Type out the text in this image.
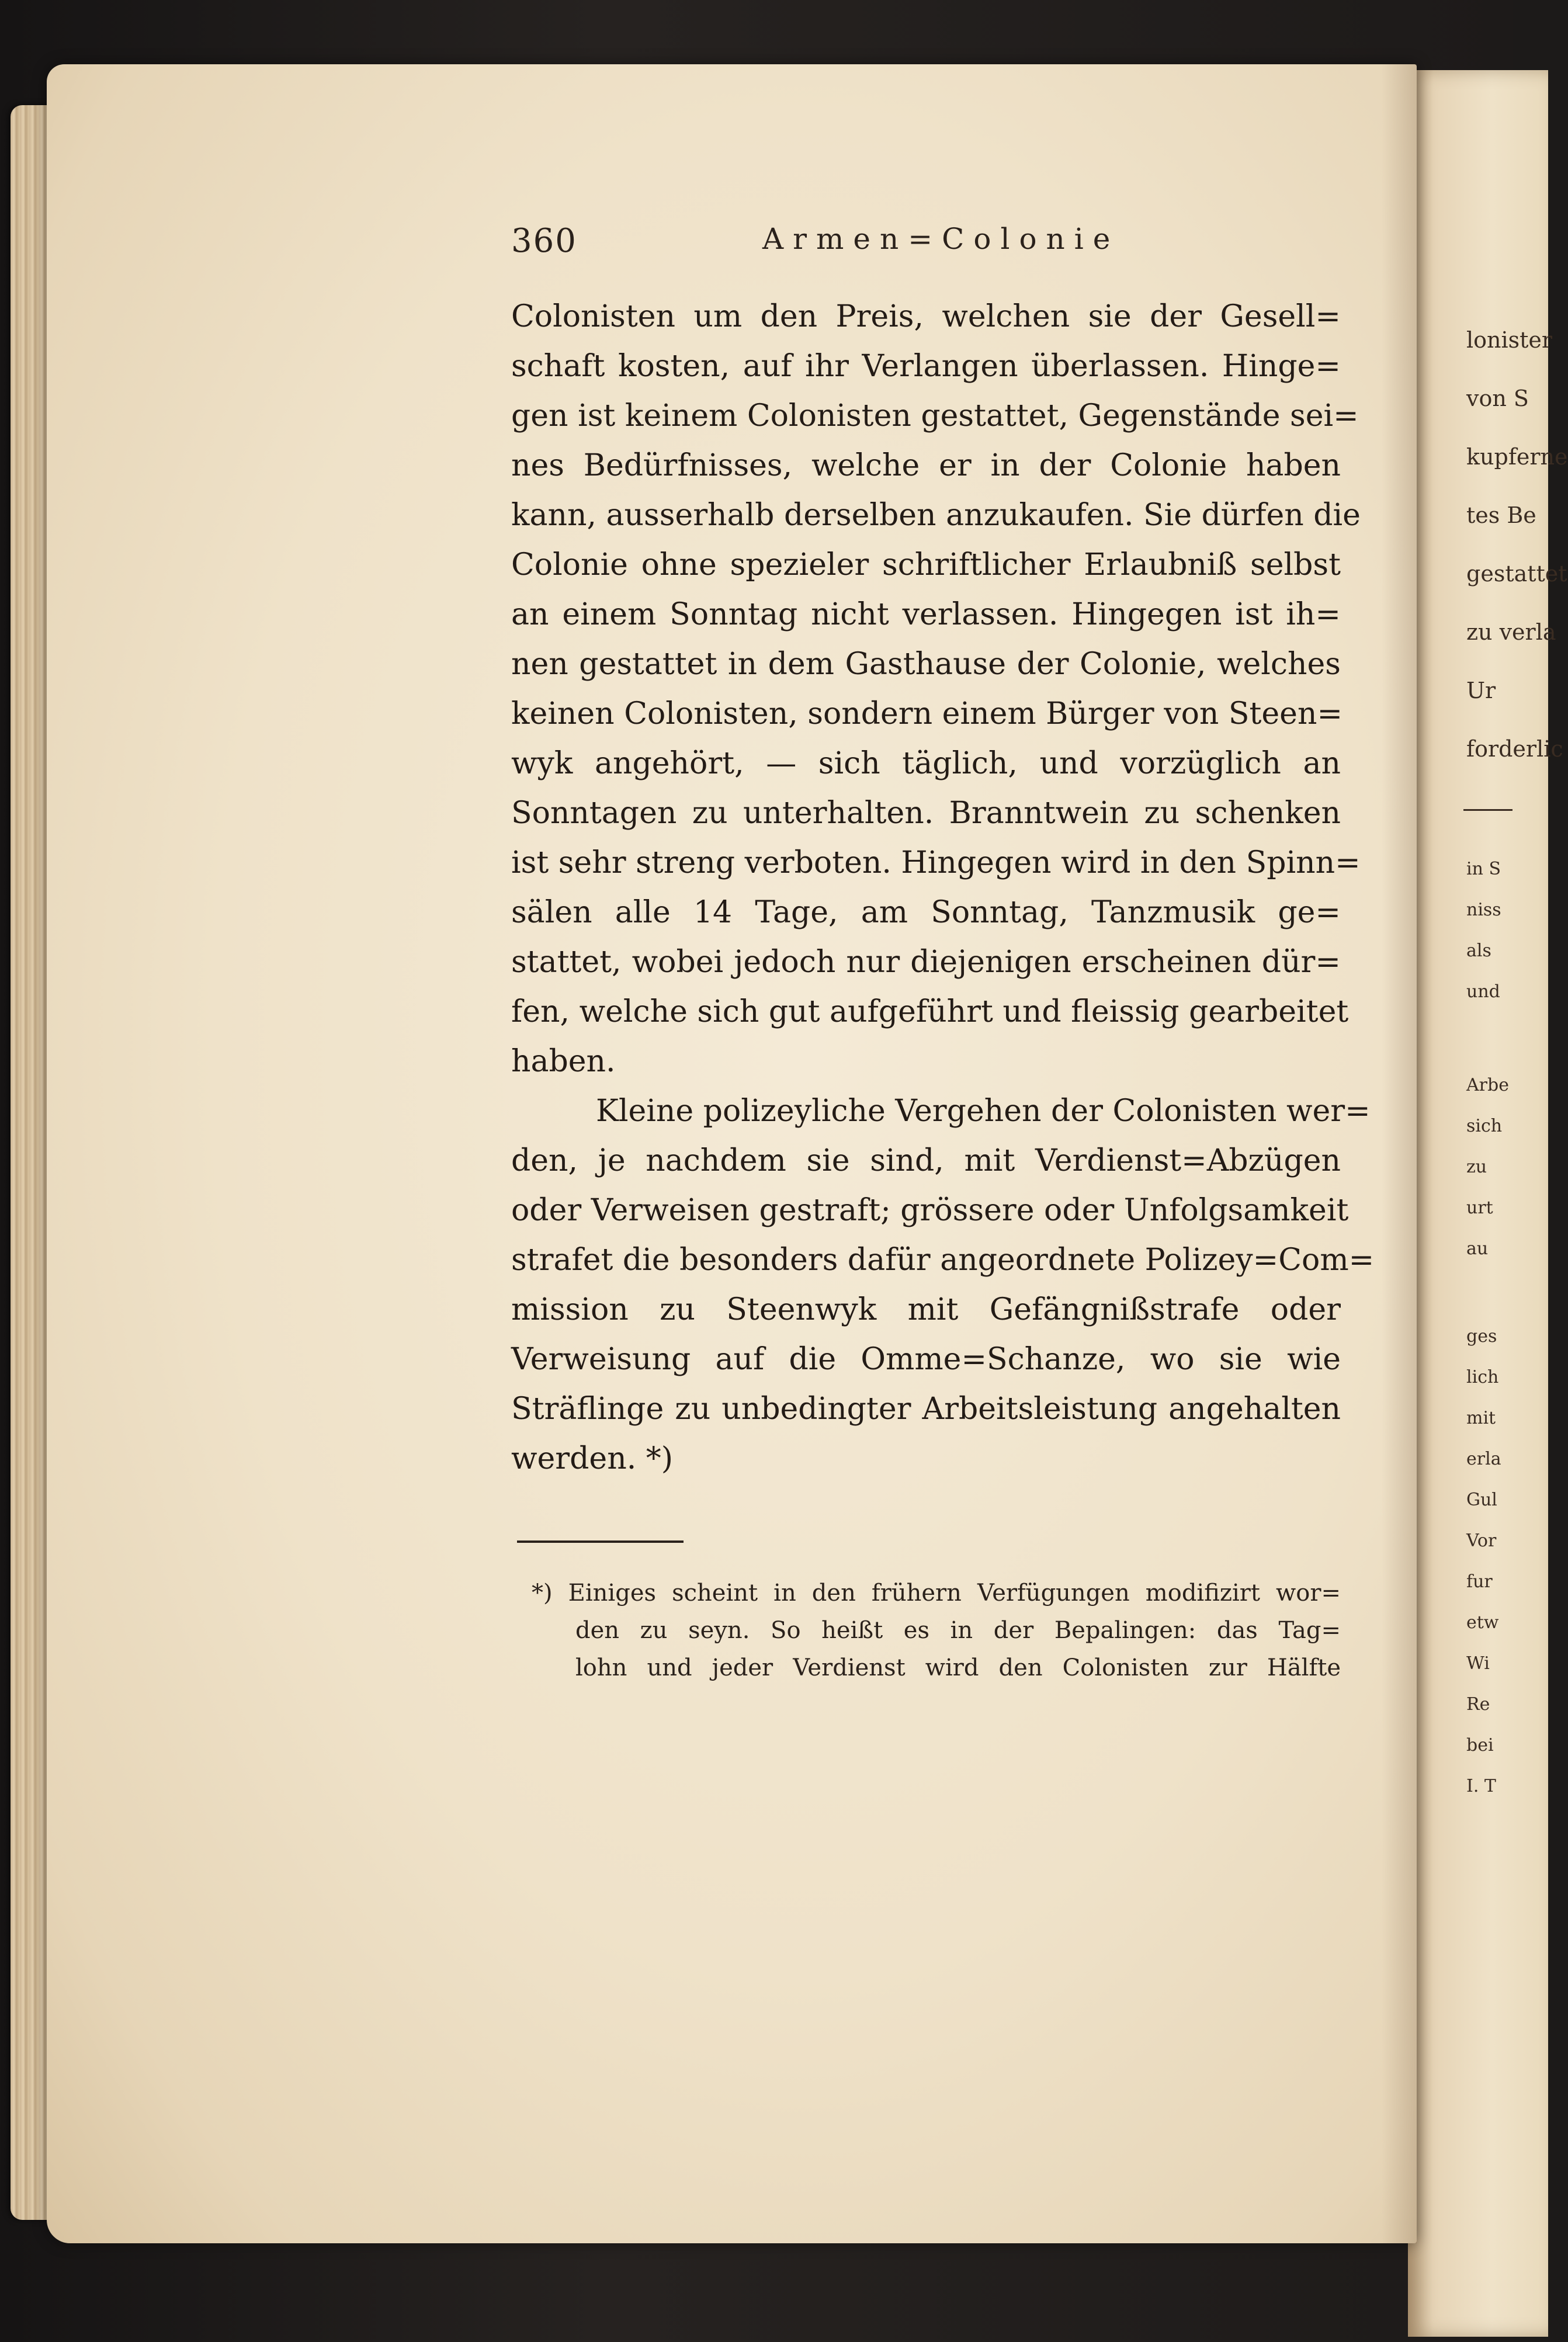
lonister
von S
kupferne
tes Be
gestattet
zu verla
Ur
forderlic
in S
niss
als
und
Arbe
sich
zu
urt
au
ges
lich
mit
erla
Gul
Vor
fur
etw
Wi
Re
bei
I. T
360	Armen=Colonie
Colonisten um den Preis, welchen sie der Gesell=
schaft kosten, auf ihr Verlangen überlassen. Hinge=
gen ist keinem Colonisten gestattet, Gegenstände sei=
nes Bedürfnisses, welche er in der Colonie haben
kann, ausserhalb derselben anzukaufen. Sie dürfen die
Colonie ohne spezieler schriftlicher Erlaubniß selbst
an einem Sonntag nicht verlassen. Hingegen ist ih=
nen gestattet in dem Gasthause der Colonie, welches
keinen Colonisten, sondern einem Bürger von Steen=
wyk angehört, — sich täglich, und vorzüglich an
Sonntagen zu unterhalten. Branntwein zu schenken
ist sehr streng verboten. Hingegen wird in den Spinn=
sälen alle 14 Tage, am Sonntag, Tanzmusik ge=
stattet, wobei jedoch nur diejenigen erscheinen dür=
fen, welche sich gut aufgeführt und fleissig gearbeitet
haben.
Kleine polizeyliche Vergehen der Colonisten wer=
den, je nachdem sie sind, mit Verdienst=Abzügen
oder Verweisen gestraft; grössere oder Unfolgsamkeit
strafet die besonders dafür angeordnete Polizey=Com=
mission zu Steenwyk mit Gefängnißstrafe oder
Verweisung auf die Omme=Schanze, wo sie wie
Sträflinge zu unbedingter Arbeitsleistung angehalten
werden. *)
*) Einiges scheint in den frühern Verfügungen modifizirt wor=
den zu seyn. So heißt es in der Bepalingen: das Tag=
lohn und jeder Verdienst wird den Colonisten zur Hälfte
